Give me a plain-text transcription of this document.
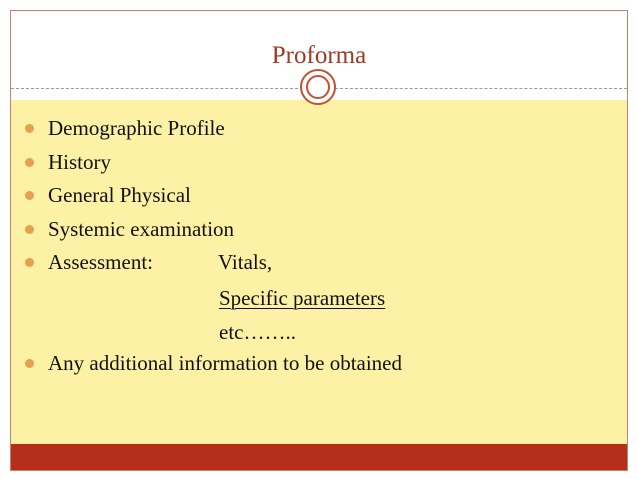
Proforma
Demographic Profile
History
General Physical
Systemic examination
Assessment:	Vitals,
Any additional information to be obtained
Specific parameters
etc……..
